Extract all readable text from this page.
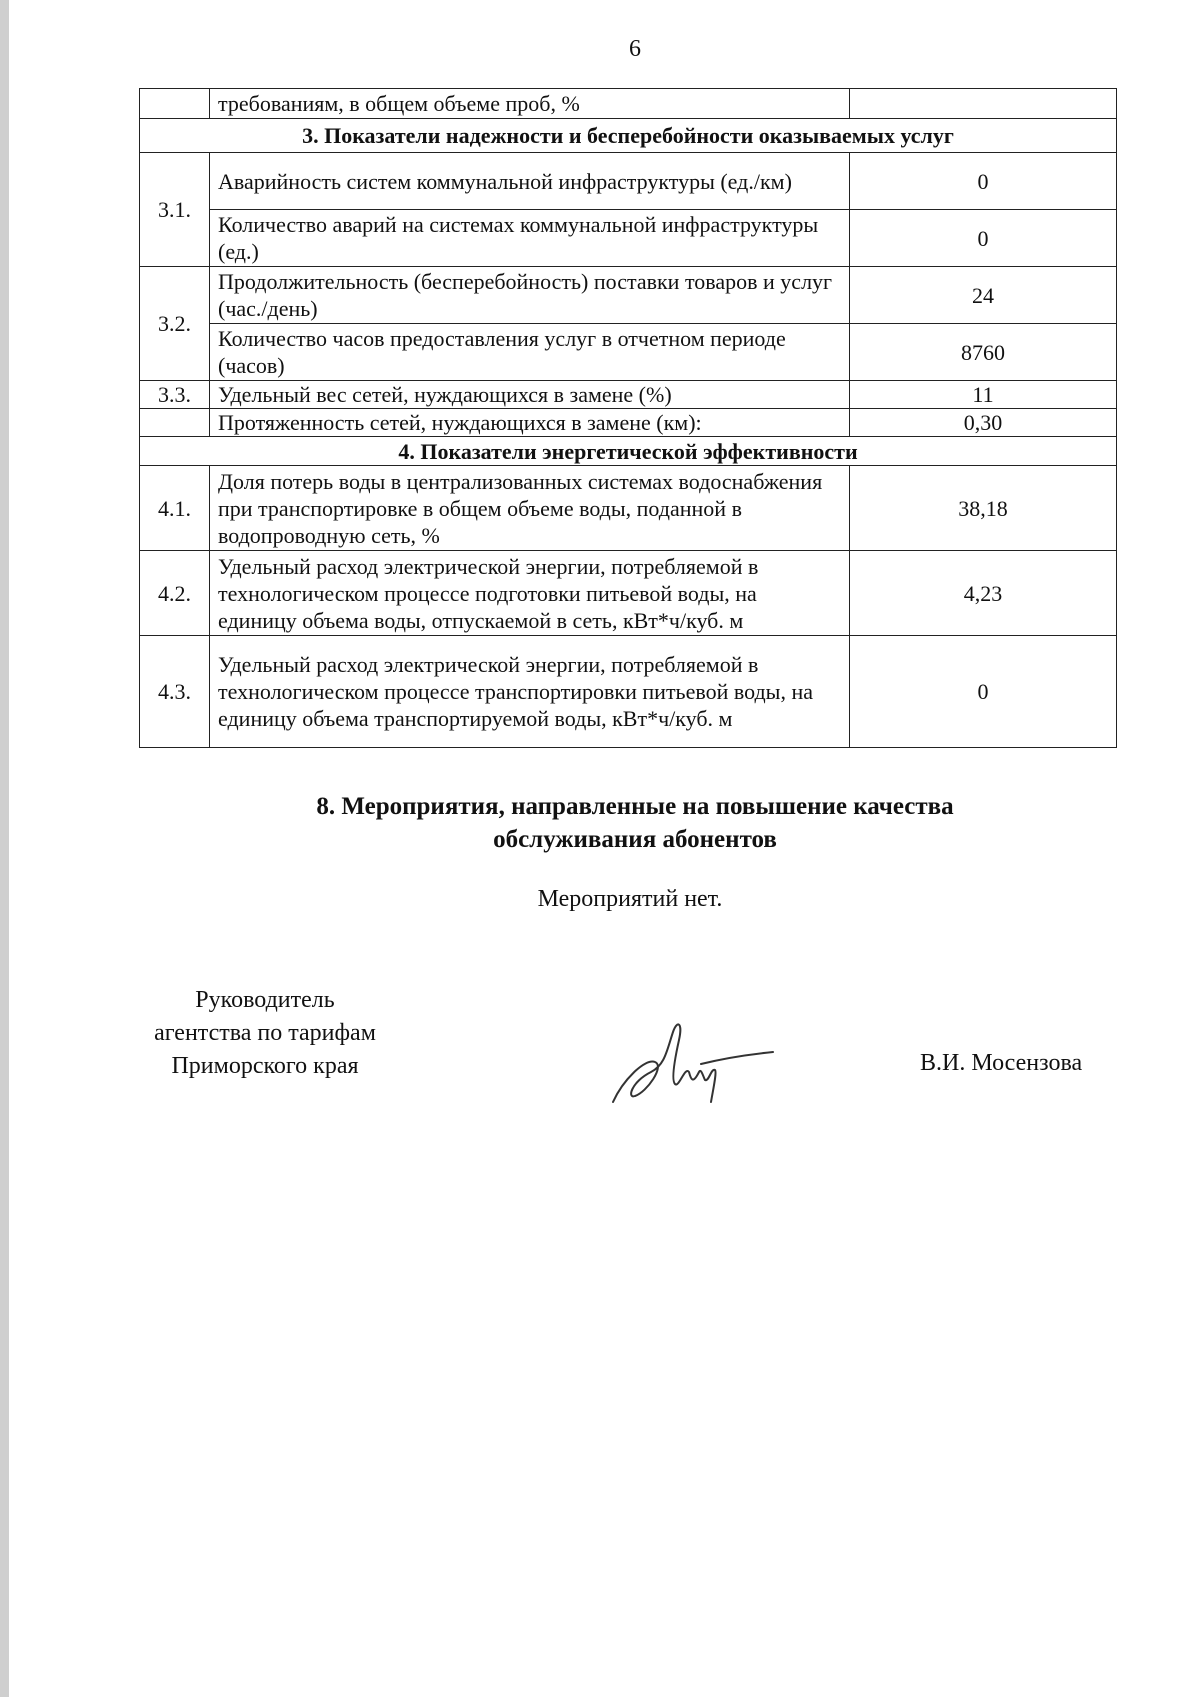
6
	требованиям, в общем объеме проб, %	
3. Показатели надежности и бесперебойности оказываемых услуг		
3.1.	Аварийность систем коммунальной инфраструктуры (ед./км)	0
	Количество аварий на системах коммунальной инфраструктуры (ед.)	0
3.2.	Продолжительность (бесперебойность) поставки товаров и услуг (час./день)	24
	Количество часов предоставления услуг в отчетном периоде (часов)	8760
3.3.	Удельный вес сетей, нуждающихся в замене (%)	11
	Протяженность сетей, нуждающихся в замене (км):	0,30
4. Показатели энергетической эффективности		
4.1.	Доля потерь воды в централизованных системах водоснабжения при транспортировке в общем объеме воды, поданной в водопроводную сеть, %	38,18
4.2.	Удельный расход электрической энергии, потребляемой в технологическом процессе подготовки питьевой воды, на единицу объема воды, отпускаемой в сеть, кВт*ч/куб. м	4,23
4.3.	Удельный расход электрической энергии, потребляемой в технологическом процессе транспортировки питьевой воды, на единицу объема транспортируемой воды, кВт*ч/куб. м	0
8. Мероприятия, направленные на повышение качества
обслуживания абонентов
Мероприятий нет.
Руководитель
агентства по тарифам
Приморского края	В.И. Мосензова
